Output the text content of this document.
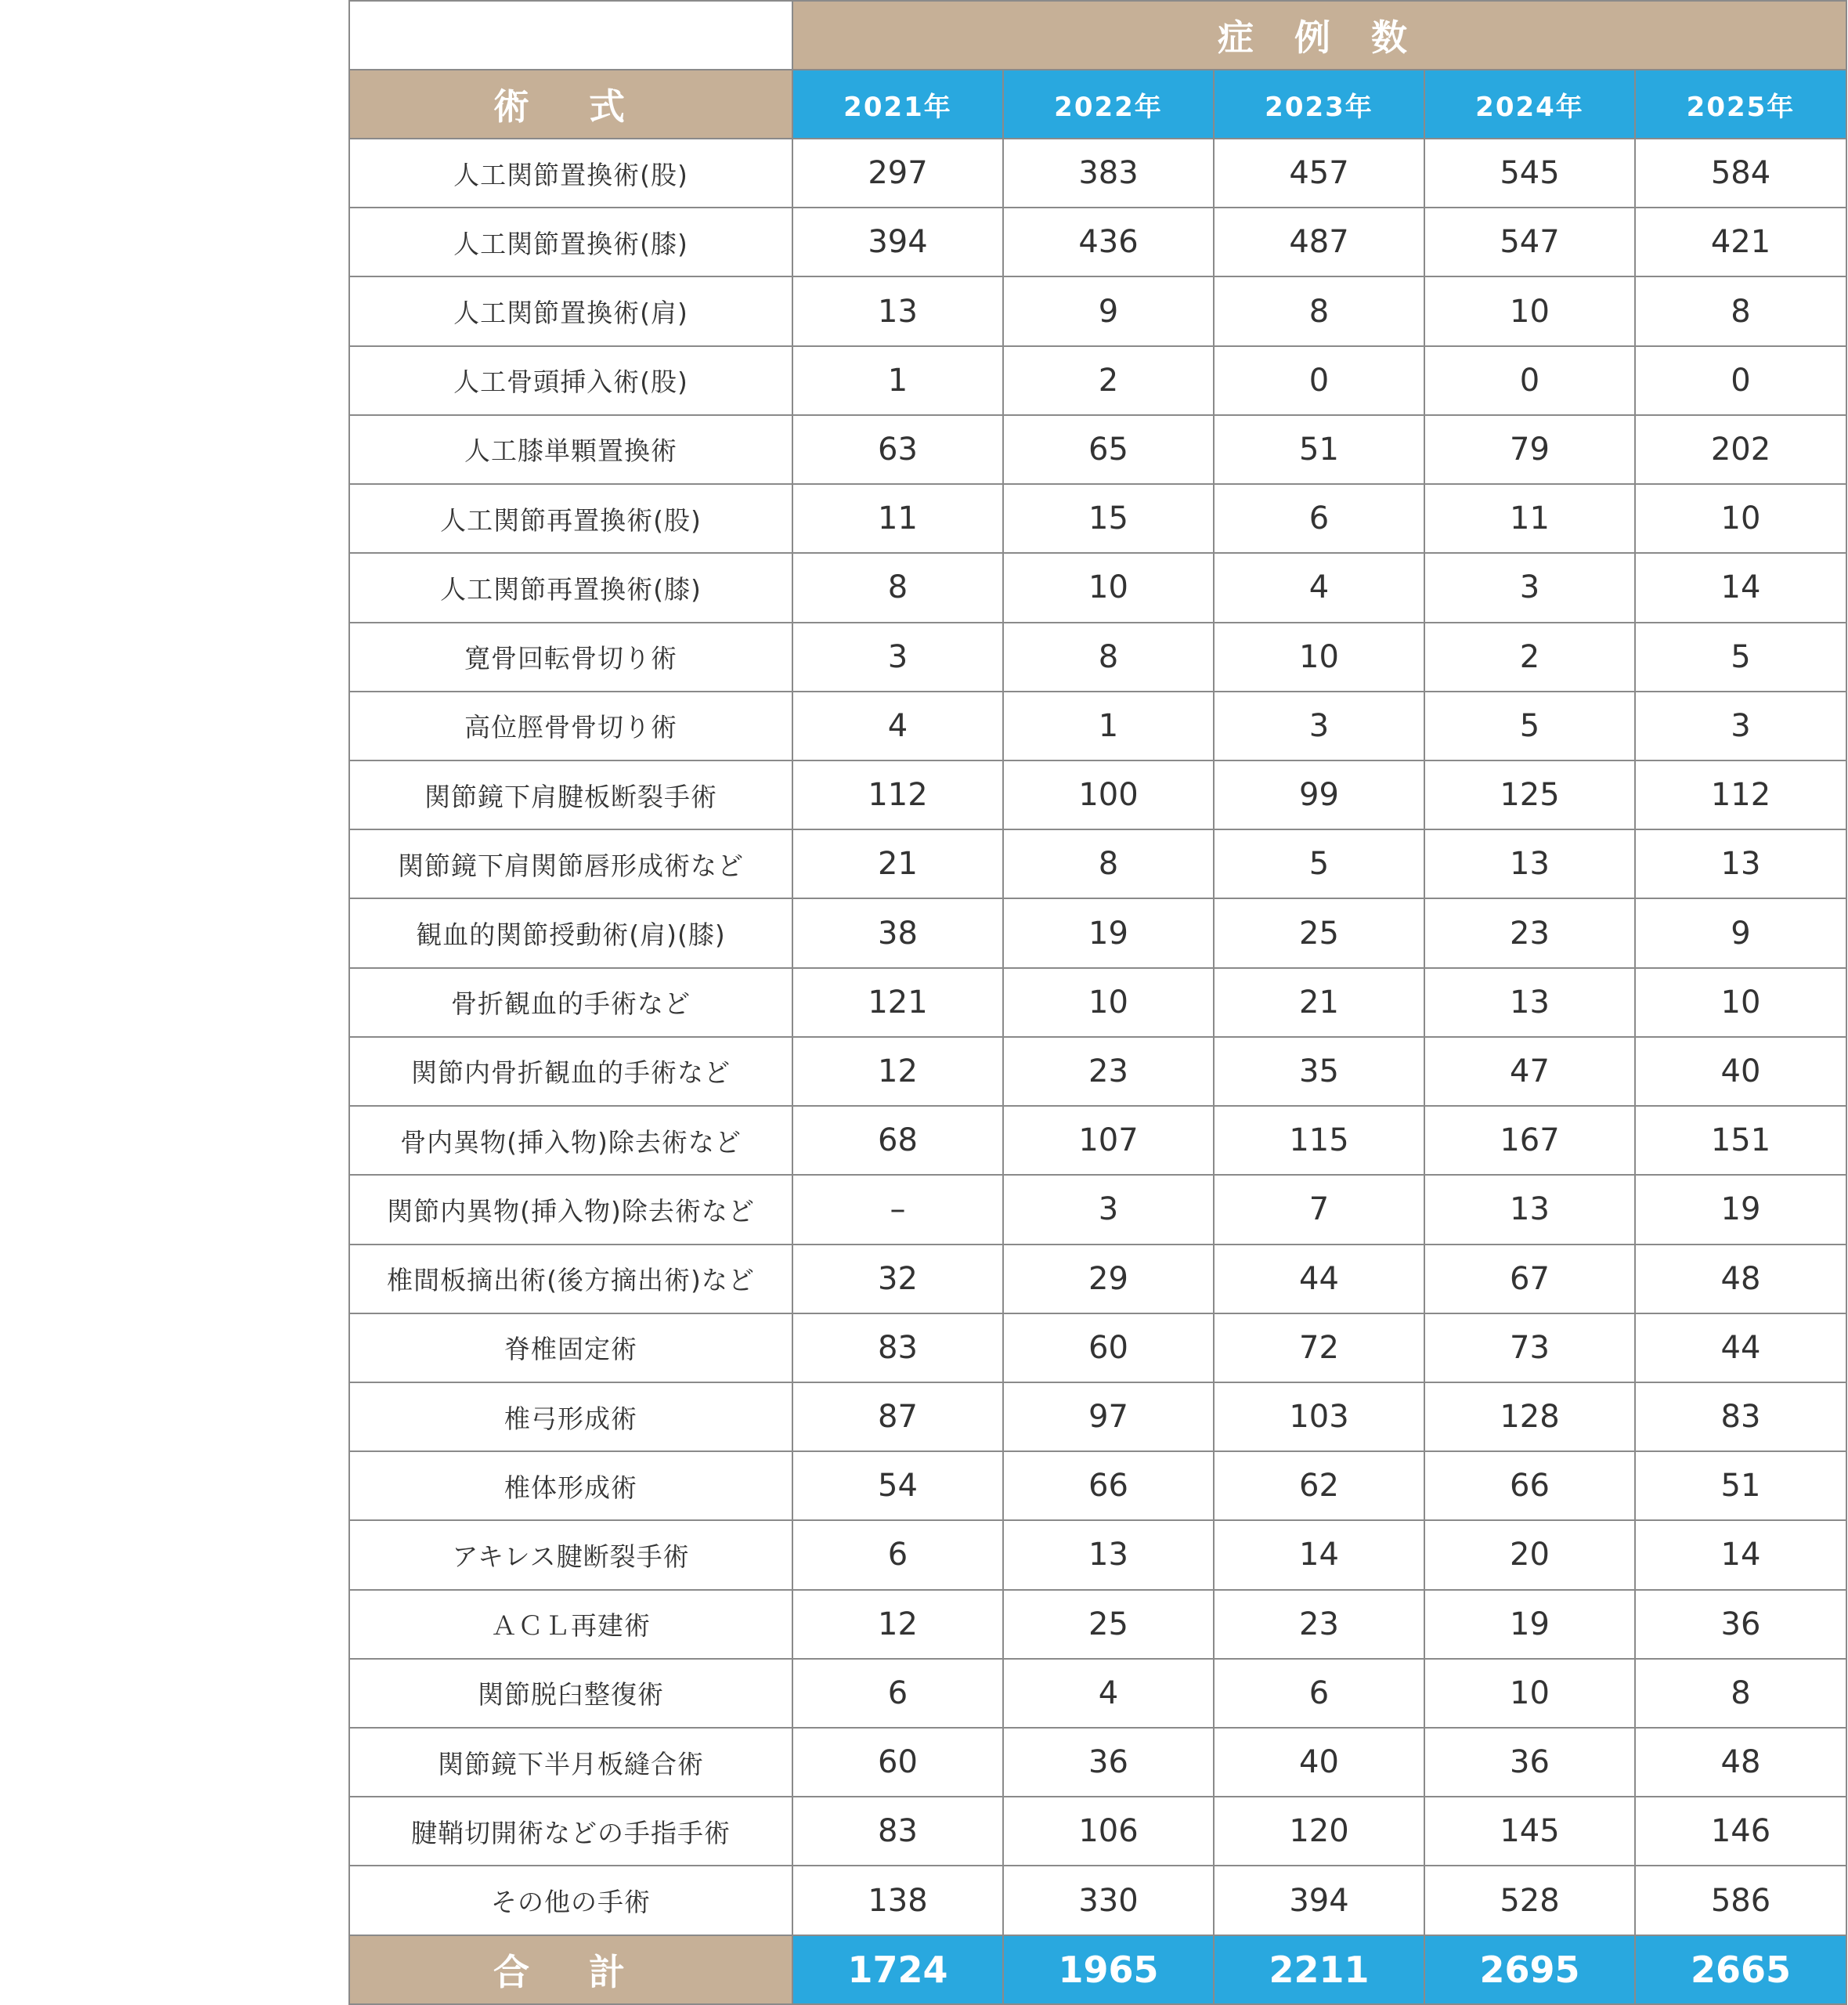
	症 例 数				
術 式	2021年	2022年	2023年	2024年	2025年
人工関節置換術(股)	297	383	457	545	584
人工関節置換術(膝)	394	436	487	547	421
人工関節置換術(肩)	13	9	8	10	8
人工骨頭挿入術(股)	1	2	0	0	0
人工膝単顆置換術	63	65	51	79	202
人工関節再置換術(股)	11	15	6	11	10
人工関節再置換術(膝)	8	10	4	3	14
寛骨回転骨切り術	3	8	10	2	5
高位脛骨骨切り術	4	1	3	5	3
関節鏡下肩腱板断裂手術	112	100	99	125	112
関節鏡下肩関節唇形成術など	21	8	5	13	13
観血的関節授動術(肩)(膝)	38	19	25	23	9
骨折観血的手術など	121	10	21	13	10
関節内骨折観血的手術など	12	23	35	47	40
骨内異物(挿入物)除去術など	68	107	115	167	151
関節内異物(挿入物)除去術など	–	3	7	13	19
椎間板摘出術(後方摘出術)など	32	29	44	67	48
脊椎固定術	83	60	72	73	44
椎弓形成術	87	97	103	128	83
椎体形成術	54	66	62	66	51
アキレス腱断裂手術	6	13	14	20	14
ＡＣＬ再建術	12	25	23	19	36
関節脱臼整復術	6	4	6	10	8
関節鏡下半月板縫合術	60	36	40	36	48
腱鞘切開術などの手指手術	83	106	120	145	146
その他の手術	138	330	394	528	586
合 計	1724	1965	2211	2695	2665
